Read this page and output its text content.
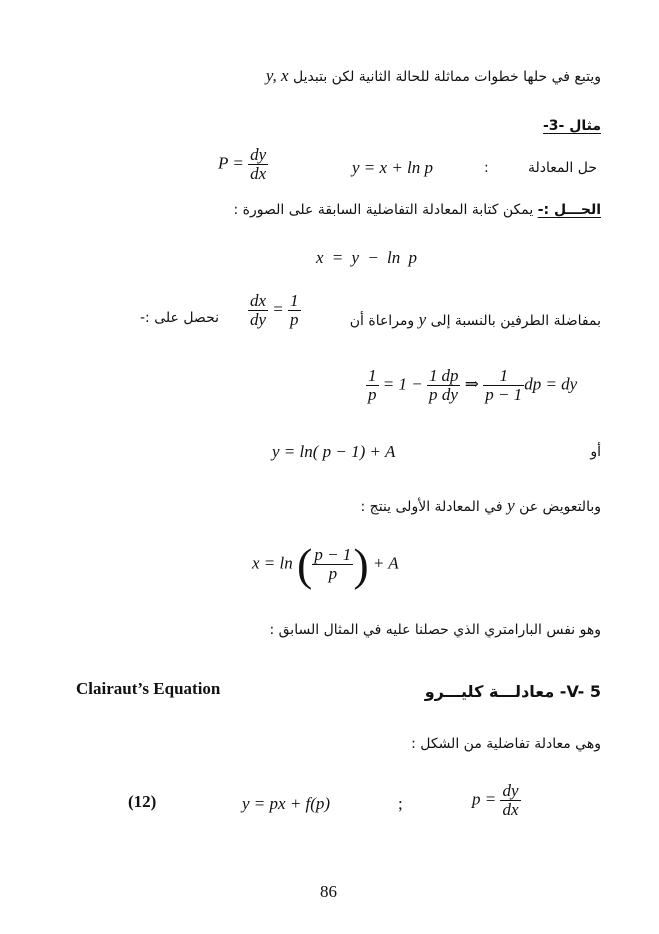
ويتبع في حلها خطوات مماثلة للحالة الثانية لكن بتبديل y, x
مثال -3-
حل المعادلة
:
y = x + ln p
$P = \frac{dy}{dx}$
الحـــل :- يمكن كتابة المعادلة التفاضلية السابقة على الصورة :
x = y − ln p
بمفاضلة الطرفين بالنسبة إلى y ومراعاة أن
$\frac{dx}{dy} = \frac{1}{p}$
نحصل على :-
$\frac{1}{p} = 1 - \frac{1}{p} \frac{dp}{dy}$ ⇒ $\frac{1}{p - 1}$ dp = dy
y = ln( p − 1) + A	أو
وبالتعويض عن y في المعادلة الأولى ينتج :
x = ln ( $\frac{p - 1}{p}$ ) + A
وهو نفس البارامتري الذي حصلنا عليه في المثال السابق :
Clairaut’s Equation	V- 5- معادلـــة كليـــرو
وهي معادلة تفاضلية من الشكل :
(12)	y = px + f(p)	;	$p = \frac{dy}{dx}$
86
